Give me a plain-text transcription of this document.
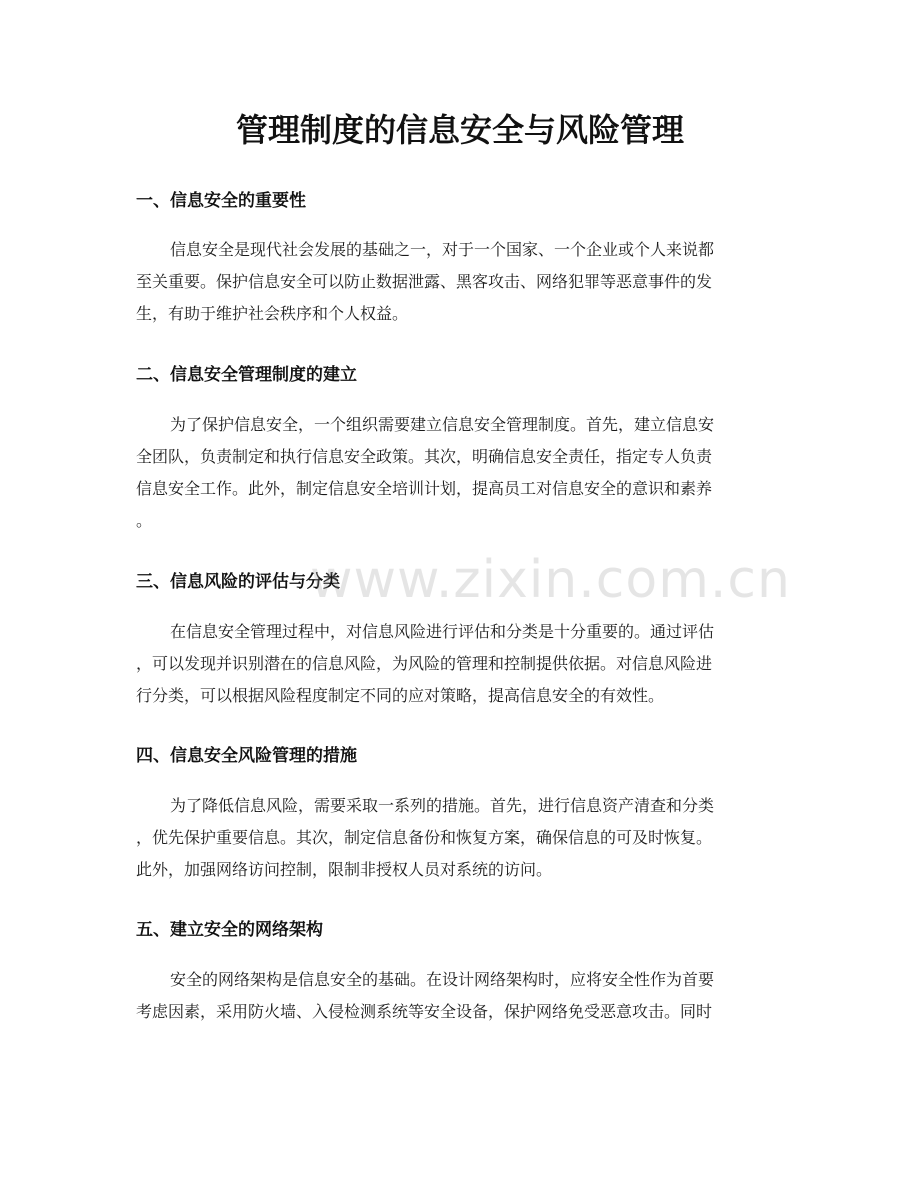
管理制度的信息安全与风险管理
一、信息安全的重要性

信息安全是现代社会发展的基础之一，对于一个国家、一个企业或个人来说都
至关重要。保护信息安全可以防止数据泄露、黑客攻击、网络犯罪等恶意事件的发
生，有助于维护社会秩序和个人权益。

二、信息安全管理制度的建立

为了保护信息安全，一个组织需要建立信息安全管理制度。首先，建立信息安
全团队，负责制定和执行信息安全政策。其次，明确信息安全责任，指定专人负责
信息安全工作。此外，制定信息安全培训计划，提高员工对信息安全的意识和素养
。

三、信息风险的评估与分类

在信息安全管理过程中，对信息风险进行评估和分类是十分重要的。通过评估
，可以发现并识别潜在的信息风险，为风险的管理和控制提供依据。对信息风险进
行分类，可以根据风险程度制定不同的应对策略，提高信息安全的有效性。

四、信息安全风险管理的措施

为了降低信息风险，需要采取一系列的措施。首先，进行信息资产清查和分类
，优先保护重要信息。其次，制定信息备份和恢复方案，确保信息的可及时恢复。
此外，加强网络访问控制，限制非授权人员对系统的访问。

五、建立安全的网络架构

安全的网络架构是信息安全的基础。在设计网络架构时，应将安全性作为首要
考虑因素，采用防火墙、入侵检测系统等安全设备，保护网络免受恶意攻击。同时

www.zixin.com.cn
